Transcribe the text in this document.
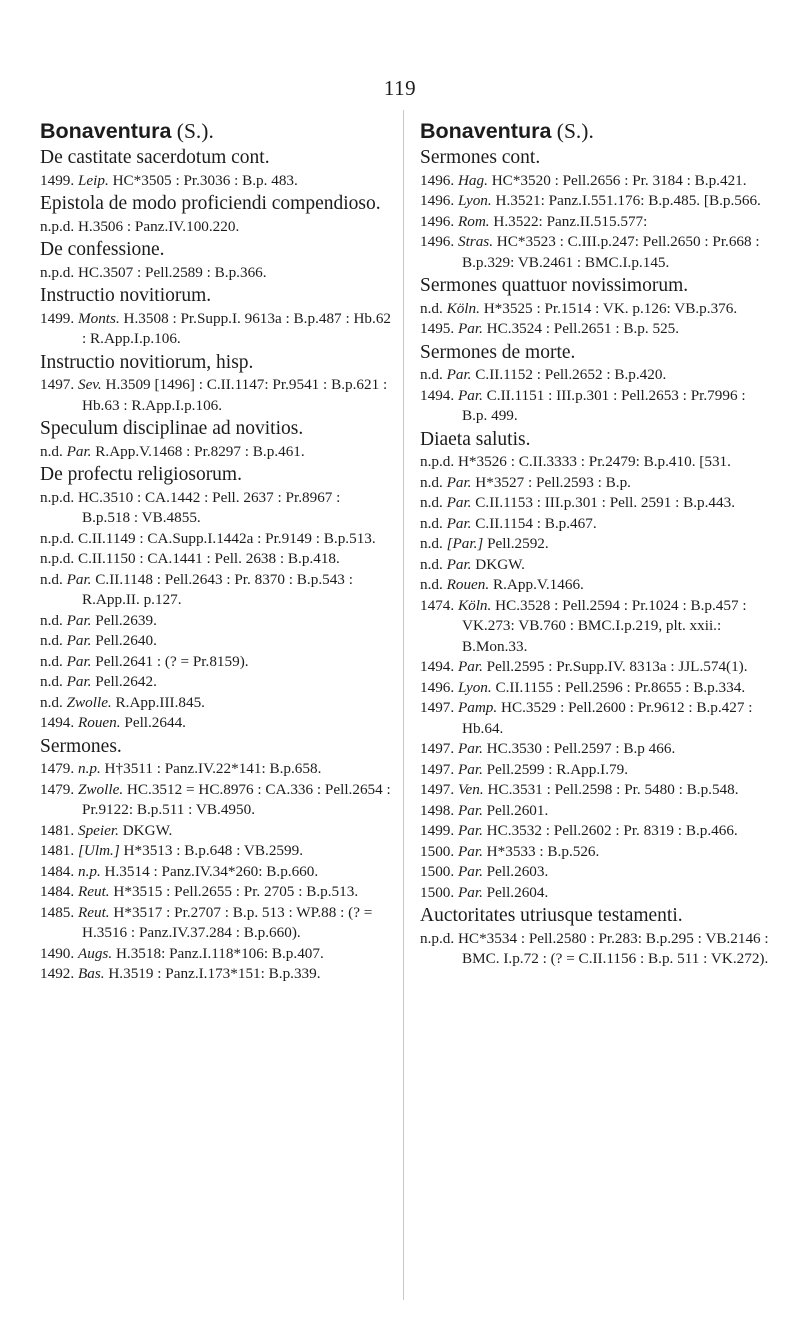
119
Bonaventura (S.).
De castitate sacerdotum cont.
1499. Leip. HC*3505 : Pr.3036 : B.p. 483.
Epistola de modo proficiendi compendioso.
n.p.d. H.3506 : Panz.IV.100.220.
De confessione.
n.p.d. HC.3507 : Pell.2589 : B.p.366.
Instructio novitiorum.
1499. Monts. H.3508 : Pr.Supp.I. 9613a : B.p.487 : Hb.62 : R.App.I.p.106.
Instructio novitiorum, hisp.
1497. Sev. H.3509 [1496] : C.II.1147: Pr.9541 : B.p.621 : Hb.63 : R.App.I.p.106.
Speculum disciplinae ad novitios.
n.d. Par. R.App.V.1468 : Pr.8297 : B.p.461.
De profectu religiosorum.
n.p.d. HC.3510 : CA.1442 : Pell. 2637 : Pr.8967 : B.p.518 : VB.4855.
n.p.d. C.II.1149 : CA.Supp.I.1442a : Pr.9149 : B.p.513.
n.p.d. C.II.1150 : CA.1441 : Pell. 2638 : B.p.418.
n.d. Par. C.II.1148 : Pell.2643 : Pr. 8370 : B.p.543 : R.App.II. p.127.
n.d. Par. Pell.2639.
n.d. Par. Pell.2640.
n.d. Par. Pell.2641 : (? = Pr.8159).
n.d. Par. Pell.2642.
n.d. Zwolle. R.App.III.845.
1494. Rouen. Pell.2644.
Sermones.
1479. n.p. H†3511 : Panz.IV.22*141: B.p.658.
1479. Zwolle. HC.3512 = HC.8976 : CA.336 : Pell.2654 : Pr.9122: B.p.511 : VB.4950.
1481. Speier. DKGW.
1481. [Ulm.] H*3513 : B.p.648 : VB.2599.
1484. n.p. H.3514 : Panz.IV.34*260: B.p.660.
1484. Reut. H*3515 : Pell.2655 : Pr. 2705 : B.p.513.
1485. Reut. H*3517 : Pr.2707 : B.p. 513 : WP.88 : (? = H.3516 : Panz.IV.37.284 : B.p.660).
1490. Augs. H.3518: Panz.I.118*106: B.p.407.
1492. Bas. H.3519 : Panz.I.173*151: B.p.339.
Bonaventura (S.).
Sermones cont.
1496. Hag. HC*3520 : Pell.2656 : Pr. 3184 : B.p.421.
1496. Lyon. H.3521: Panz.I.551.176: B.p.485. [B.p.566.
1496. Rom. H.3522: Panz.II.515.577:
1496. Stras. HC*3523 : C.III.p.247: Pell.2650 : Pr.668 : B.p.329: VB.2461 : BMC.I.p.145.
Sermones quattuor novissimorum.
n.d. Köln. H*3525 : Pr.1514 : VK. p.126: VB.p.376.
1495. Par. HC.3524 : Pell.2651 : B.p. 525.
Sermones de morte.
n.d. Par. C.II.1152 : Pell.2652 : B.p.420.
1494. Par. C.II.1151 : III.p.301 : Pell.2653 : Pr.7996 : B.p. 499.
Diaeta salutis.
n.p.d. H*3526 : C.II.3333 : Pr.2479: B.p.410. [531.
n.d. Par. H*3527 : Pell.2593 : B.p.
n.d. Par. C.II.1153 : III.p.301 : Pell. 2591 : B.p.443.
n.d. Par. C.II.1154 : B.p.467.
n.d. [Par.] Pell.2592.
n.d. Par. DKGW.
n.d. Rouen. R.App.V.1466.
1474. Köln. HC.3528 : Pell.2594 : Pr.1024 : B.p.457 : VK.273: VB.760 : BMC.I.p.219, plt. xxii.: B.Mon.33.
1494. Par. Pell.2595 : Pr.Supp.IV. 8313a : JJL.574(1).
1496. Lyon. C.II.1155 : Pell.2596 : Pr.8655 : B.p.334.
1497. Pamp. HC.3529 : Pell.2600 : Pr.9612 : B.p.427 : Hb.64.
1497. Par. HC.3530 : Pell.2597 : B.p 466.
1497. Par. Pell.2599 : R.App.I.79.
1497. Ven. HC.3531 : Pell.2598 : Pr. 5480 : B.p.548.
1498. Par. Pell.2601.
1499. Par. HC.3532 : Pell.2602 : Pr. 8319 : B.p.466.
1500. Par. H*3533 : B.p.526.
1500. Par. Pell.2603.
1500. Par. Pell.2604.
Auctoritates utriusque testamenti.
n.p.d. HC*3534 : Pell.2580 : Pr.283: B.p.295 : VB.2146 : BMC. I.p.72 : (? = C.II.1156 : B.p. 511 : VK.272).
